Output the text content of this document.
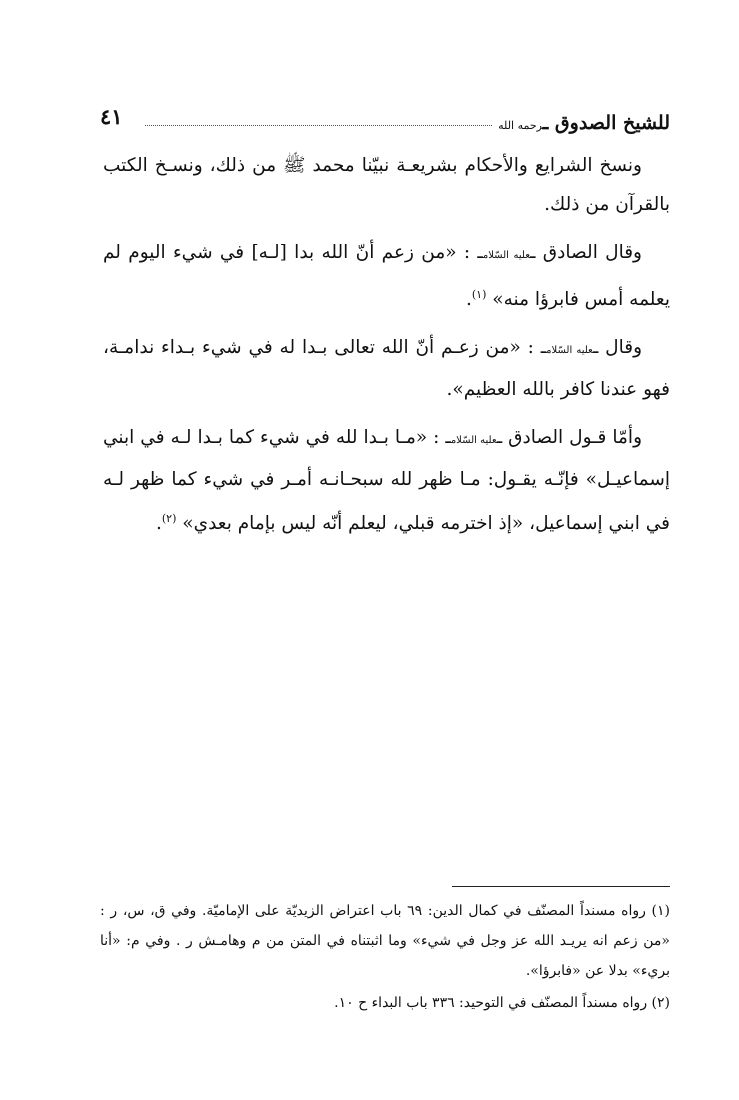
للشيخ الصدوق ـرحمه الله
٤١

ونسخ الشرايع والأحكام بشريعـة نبيّنا محمد ﷺ من ذلك، ونسـخ الكتب بالقرآن من ذلك.

وقال الصادق ـعليه السّلامـ : «من زعم أنّ الله بدا [لـه] في شيء اليوم لم يعلمه أمس فابرؤا منه» $^{(١)}$.

وقال ـعليه السّلامـ : «من زعـم أنّ الله تعالى بـدا له في شيء بـداء ندامـة، فهو عندنا كافر بالله العظيم».

وأمّا قـول الصادق ـعليه السّلامـ : «مـا بـدا لله في شيء كما بـدا لـه في ابني إسماعيـل» فإنّـه يقـول: مـا ظهر لله سبحـانـه أمـر في شيء كما ظهر لـه في ابني إسماعيل، «إذ اخترمه قبلي، ليعلم أنّه ليس بإمام بعدي» $^{(٢)}$.

(١) رواه مسنداً المصنّف في كمال الدين: ٦٩ باب اعتراض الزيديّة على الإماميّة. وفي ق، س، ر : «من زعم انه يريـد الله عز وجل في شيء» وما اثبتناه في المتن من م وهامـش ر . وفي م: «أنا بريء» بدلا عن «فابرؤا».

(٢) رواه مسنداً المصنّف في التوحيد: ٣٣٦ باب البداء ح ١٠.
